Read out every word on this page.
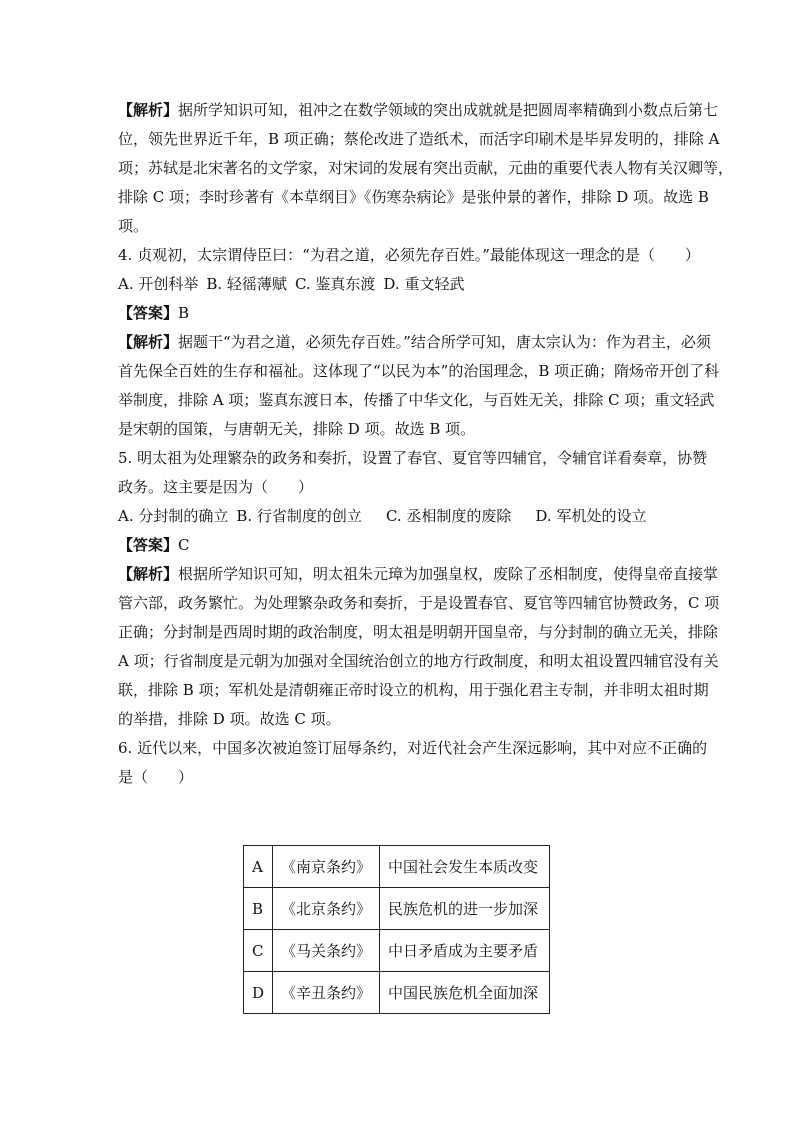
【解析】据所学知识可知，祖冲之在数学领域的突出成就就是把圆周率精确到小数点后第七

位，领先世界近千年，B 项正确；蔡伦改进了造纸术，而活字印刷术是毕昇发明的，排除 A

项；苏轼是北宋著名的文学家，对宋词的发展有突出贡献，元曲的重要代表人物有关汉卿等，

排除 C 项；李时珍著有《本草纲目》《伤寒杂病论》是张仲景的著作，排除 D 项。故选 B

项。

4. 贞观初，太宗谓侍臣曰：“为君之道，必须先存百姓。”最能体现这一理念的是（　　）

A. 开创科举 B. 轻徭薄赋 C. 鉴真东渡 D. 重文轻武

【答案】B

【解析】据题干“为君之道，必须先存百姓。”结合所学可知，唐太宗认为：作为君主，必须

首先保全百姓的生存和福祉。这体现了“以民为本”的治国理念，B 项正确；隋炀帝开创了科

举制度，排除 A 项；鉴真东渡日本，传播了中华文化，与百姓无关，排除 C 项；重文轻武

是宋朝的国策，与唐朝无关，排除 D 项。故选 B 项。

5. 明太祖为处理繁杂的政务和奏折，设置了春官、夏官等四辅官，令辅官详看奏章，协赞

政务。这主要是因为（　　）

A. 分封制的确立 B. 行省制度的创立 C. 丞相制度的废除 D. 军机处的设立

【答案】C

【解析】根据所学知识可知，明太祖朱元璋为加强皇权，废除了丞相制度，使得皇帝直接掌

管六部，政务繁忙。为处理繁杂政务和奏折，于是设置春官、夏官等四辅官协赞政务，C 项

正确；分封制是西周时期的政治制度，明太祖是明朝开国皇帝，与分封制的确立无关，排除

A 项；行省制度是元朝为加强对全国统治创立的地方行政制度，和明太祖设置四辅官没有关

联，排除 B 项；军机处是清朝雍正帝时设立的机构，用于强化君主专制，并非明太祖时期

的举措，排除 D 项。故选 C 项。

6. 近代以来，中国多次被迫签订屈辱条约，对近代社会产生深远影响，其中对应不正确的

是（　　）

A	《南京条约》	中国社会发生本质改变
B	《北京条约》	民族危机的进一步加深
C	《马关条约》	中日矛盾成为主要矛盾
D	《辛丑条约》	中国民族危机全面加深
